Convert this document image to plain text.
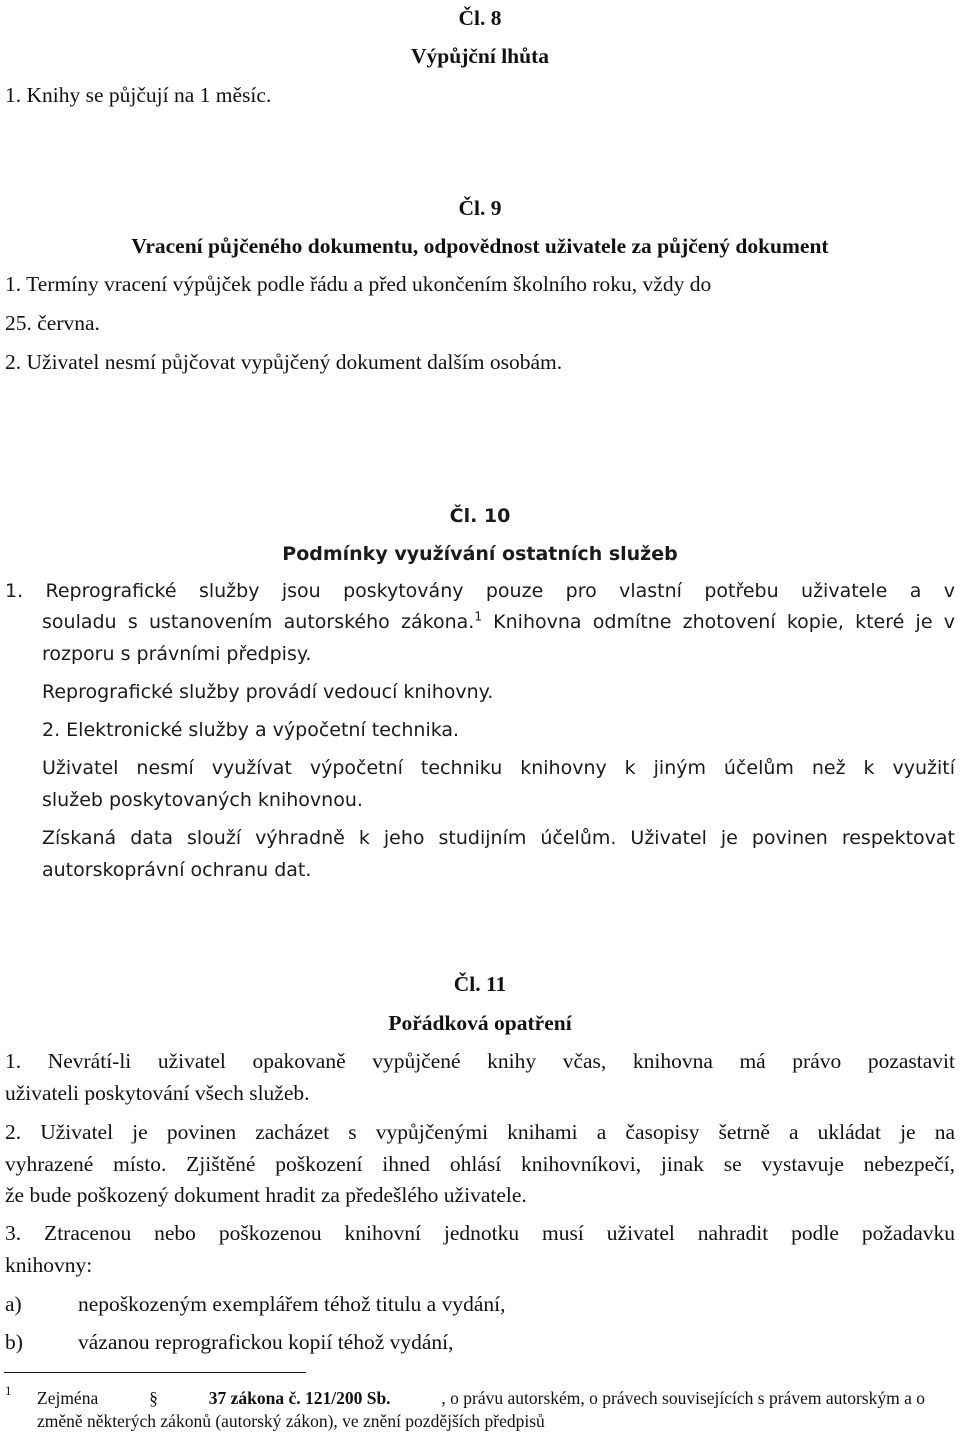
Čl. 8
Výpůjční lhůta
1. Knihy se půjčují na 1 měsíc.
Čl. 9
Vracení půjčeného dokumentu, odpovědnost uživatele za půjčený dokument
1. Termíny vracení výpůjček podle řádu a před ukončením školního roku, vždy do
25. června.
2. Uživatel nesmí půjčovat vypůjčený dokument dalším osobám.
Čl. 10
Podmínky využívání ostatních služeb
1. Reprografické služby jsou poskytovány pouze pro vlastní potřebu uživatele a v
souladu s ustanovením autorského zákona.$^1$ Knihovna odmítne zhotovení kopie, které je v
rozporu s právními předpisy.
Reprografické služby provádí vedoucí knihovny.
2. Elektronické služby a výpočetní technika.
Uživatel nesmí využívat výpočetní techniku knihovny k jiným účelům než k využití
služeb poskytovaných knihovnou.
Získaná data slouží výhradně k jeho studijním účelům. Uživatel je povinen respektovat
autorskoprávní ochranu dat.
Čl. 11
Pořádková opatření
1. Nevrátí-li uživatel opakovaně vypůjčené knihy včas, knihovna má právo pozastavit
uživateli poskytování všech služeb.
2. Uživatel je povinen zacházet s vypůjčenými knihami a časopisy šetrně a ukládat je na
vyhrazené místo. Zjištěné poškození ihned ohlásí knihovníkovi, jinak se vystavuje nebezpečí,
že bude poškozený dokument hradit za předešlého uživatele.
3. Ztracenou nebo poškozenou knihovní jednotku musí uživatel nahradit podle požadavku
knihovny:
a)	nepoškozeným exemplářem téhož titulu a vydání,
b)	vázanou reprografickou kopií téhož vydání,
1 Zejména	§	37 zákona č. 121/200 Sb.	, o právu autorském, o právech souvisejících s právem autorským a o
změně některých zákonů (autorský zákon), ve znění pozdějších předpisů
